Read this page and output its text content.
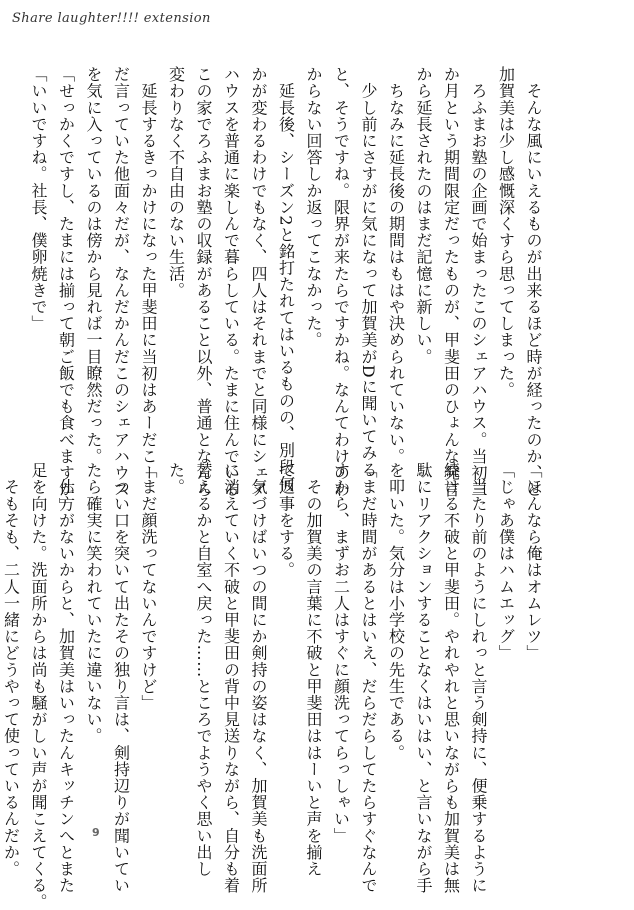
Share laughter!!!! extension

　そんな風にいえるものが出来るほど時が経ったのか、と

加賀美は少し感慨深くすら思ってしまった。

　ろふまお塾の企画で始まったこのシェアハウス。当初三

か月という期間限定だったものが、甲斐田のひょんな発言

から延長されたのはまだ記憶に新しい。

　ちなみに延長後の期間はもはや決められていない。

　少し前にさすがに気になって加賀美がDに聞いてみる

と、そうですね。限界が来たらですかね。なんてわけのわ

からない回答しか返ってこなかった。

　延長後、シーズン2と銘打たれてはいるものの、別段何

かが変わるわけでもなく、四人はそれまでと同様にシェア

ハウスを普通に楽しんで暮らしている。たまに住んでいる

この家でろふまお塾の収録があること以外、普通となんら

変わりなく不自由のない生活。

　延長するきっかけになった甲斐田に当初はあーだこー

だ言っていた他面々だが、なんだかんだこのシェアハウス

を気に入っているのは傍から見れば一目瞭然だった。

「せっかくですし、たまには揃って朝ご飯でも食べますか」

「いいですね。社長、僕卵焼きで」

「ほんなら俺はオムレツ」

「じゃあ僕はハムエッグ」

　当たり前のようにしれっと言う剣持に、便乗するように

続ける不破と甲斐田。やれやれと思いながらも加賀美は無

駄にリアクションすることなくはいはい、と言いながら手

を叩いた。気分は小学校の先生である。

「まだ時間があるとはいえ、だらだらしてたらすぐなんで

すから、まずお二人はすぐに顔洗ってらっしゃい」

　その加賀美の言葉に不破と甲斐田ははーいと声を揃え

て返事をする。

　気づけばいつの間にか剣持の姿はなく、加賀美も洗面所

に消えていく不破と甲斐田の背中見送りながら、自分も着

替えるかと自室へ戻った……ところでようやく思い出し

た。

「まだ顔洗ってないんですけど」

　つい口を突いて出たその独り言は、剣持辺りが聞いてい

たら確実に笑われていたに違いない。

　仕方がないからと、加賀美はいったんキッチンへとまた

足を向けた。洗面所からは尚も騒がしい声が聞こえてくる。

　そもそも、二人一緒にどうやって使っているんだか。	9
